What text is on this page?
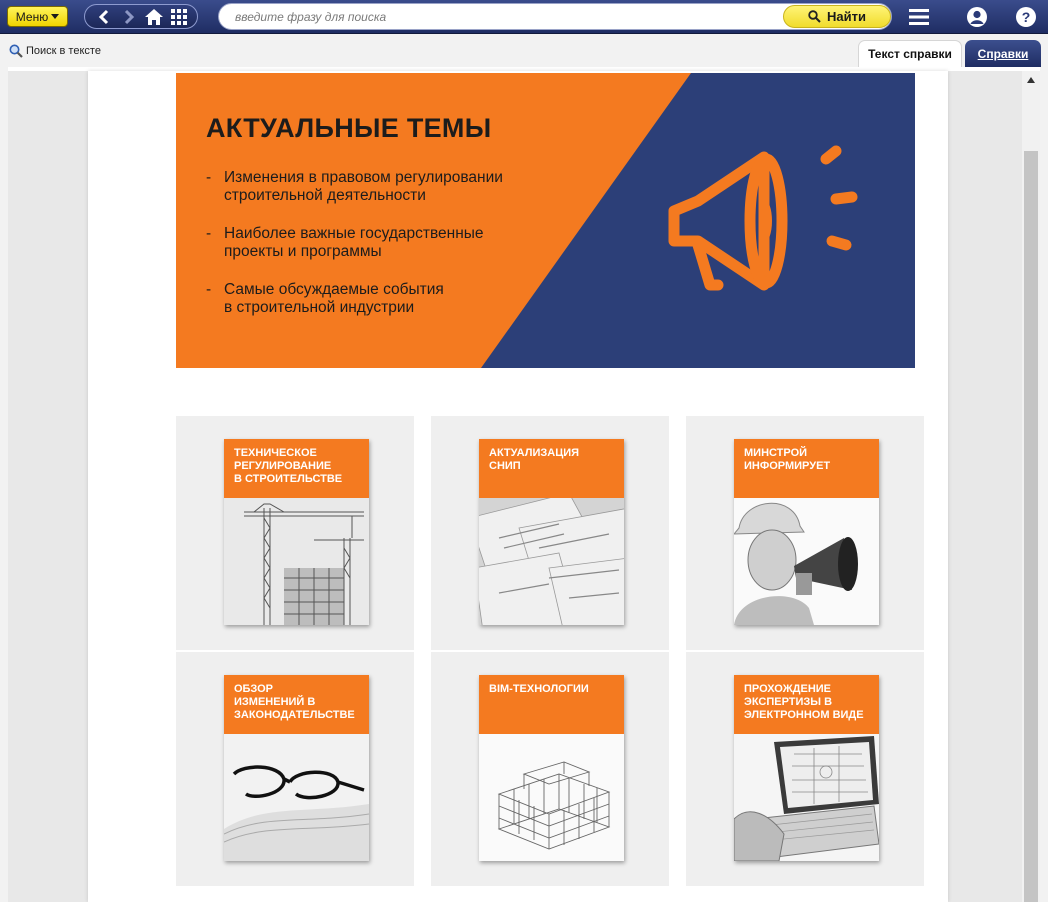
Меню
введите фразу для поиска	Найти	?
Поиск в тексте	Текст справки Справки
АКТУАЛЬНЫЕ ТЕМЫ
- Изменения в правовом регулировании
строительной деятельности
- Наиболее важные государственные
проекты и программы
- Самые обсуждаемые события
в строительной индустрии
ТЕХНИЧЕСКОЕ
РЕГУЛИРОВАНИЕ
В СТРОИТЕЛЬСТВЕ
АКТУАЛИЗАЦИЯ
СНИП
МИНСТРОЙ
ИНФОРМИРУЕТ
ОБЗОР
ИЗМЕНЕНИЙ В
ЗАКОНОДАТЕЛЬСТВЕ
BIM-ТЕХНОЛОГИИ	ПРОХОЖДЕНИЕ
ЭКСПЕРТИЗЫ В
ЭЛЕКТРОННОМ ВИДЕ
